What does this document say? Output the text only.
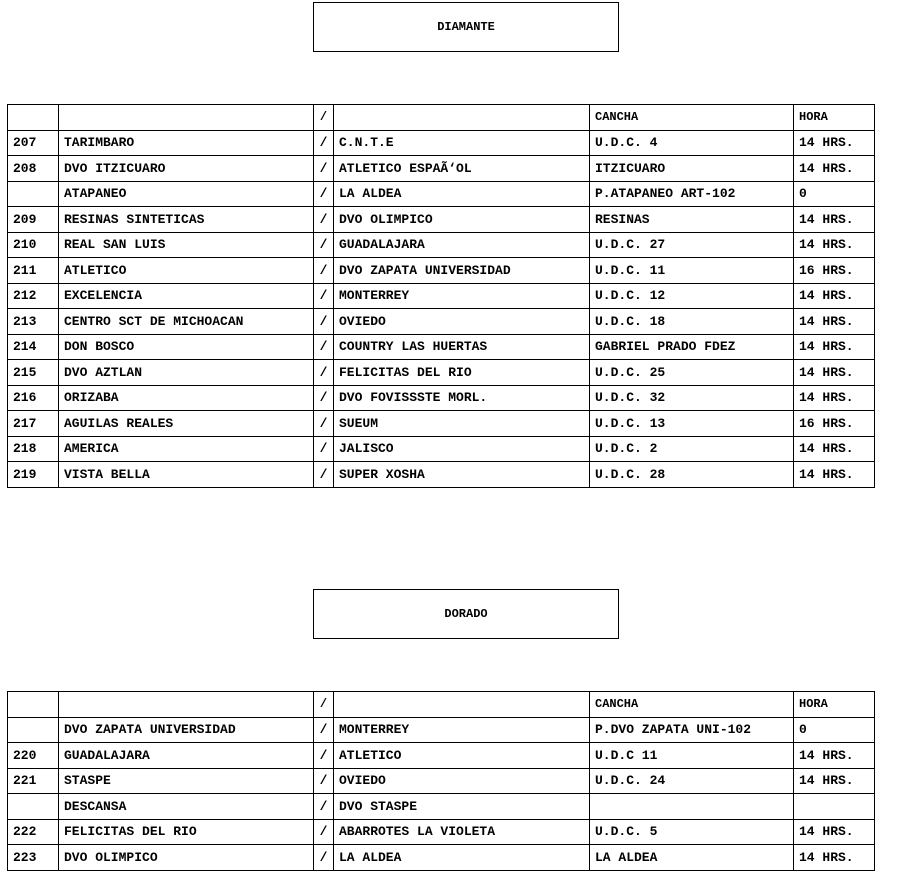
DIAMANTE
		/		CANCHA	HORA
207	TARIMBARO	/	C.N.T.E	U.D.C. 4	14 HRS.
208	DVO ITZICUARO	/	ATLETICO ESPAÃ‘OL	ITZICUARO	14 HRS.
	ATAPANEO	/	LA ALDEA	P.ATAPANEO ART-102	0
209	RESINAS SINTETICAS	/	DVO OLIMPICO	RESINAS	14 HRS.
210	REAL SAN LUIS	/	GUADALAJARA	U.D.C. 27	14 HRS.
211	ATLETICO	/	DVO ZAPATA UNIVERSIDAD	U.D.C. 11	16 HRS.
212	EXCELENCIA	/	MONTERREY	U.D.C. 12	14 HRS.
213	CENTRO SCT DE MICHOACAN	/	OVIEDO	U.D.C. 18	14 HRS.
214	DON BOSCO	/	COUNTRY LAS HUERTAS	GABRIEL PRADO FDEZ	14 HRS.
215	DVO AZTLAN	/	FELICITAS DEL RIO	U.D.C. 25	14 HRS.
216	ORIZABA	/	DVO FOVISSSTE MORL.	U.D.C. 32	14 HRS.
217	AGUILAS REALES	/	SUEUM	U.D.C. 13	16 HRS.
218	AMERICA	/	JALISCO	U.D.C. 2	14 HRS.
219	VISTA BELLA	/	SUPER XOSHA	U.D.C. 28	14 HRS.
DORADO
		/		CANCHA	HORA
	DVO ZAPATA UNIVERSIDAD	/	MONTERREY	P.DVO ZAPATA UNI-102	0
220	GUADALAJARA	/	ATLETICO	U.D.C 11	14 HRS.
221	STASPE	/	OVIEDO	U.D.C. 24	14 HRS.
	DESCANSA	/	DVO STASPE		
222	FELICITAS DEL RIO	/	ABARROTES LA VIOLETA	U.D.C. 5	14 HRS.
223	DVO OLIMPICO	/	LA ALDEA	LA ALDEA	14 HRS.
